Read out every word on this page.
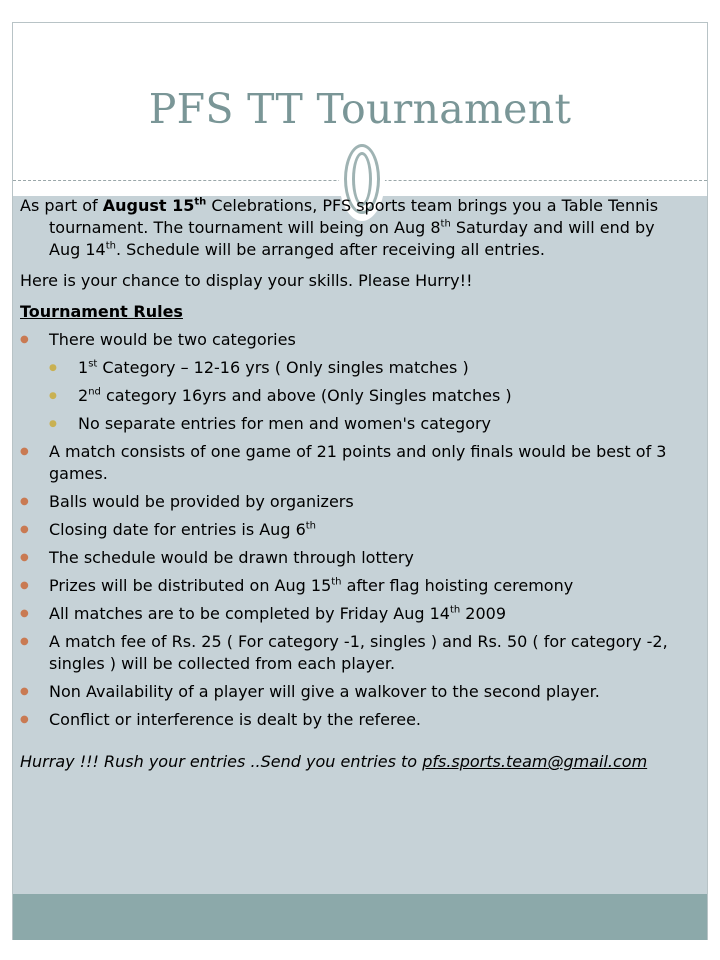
PFS TT Tournament

As part of August 15th Celebrations, PFS sports team brings you a Table Tennis tournament. The tournament will being on Aug 8th Saturday and will end by Aug 14th. Schedule will be arranged after receiving all entries.

Here is your chance to display your skills. Please Hurry!!

Tournament Rules

● There would be two categories
● 1st Category – 12-16 yrs ( Only singles matches )
● 2nd category 16yrs and above (Only Singles matches )
● No separate entries for men and women's category
● A match consists of one game of 21 points and only finals would be best of 3 games.
● Balls would be provided by organizers
● Closing date for entries is Aug 6th
● The schedule would be drawn through lottery
● Prizes will be distributed on Aug 15th after flag hoisting ceremony
● All matches are to be completed by Friday Aug 14th 2009
● A match fee of Rs. 25 ( For category -1, singles ) and Rs. 50 ( for category -2, singles ) will be collected from each player.
● Non Availability of a player will give a walkover to the second player.
● Conflict or interference is dealt by the referee.

Hurray !!! Rush your entries ..Send you entries to pfs.sports.team@gmail.com
